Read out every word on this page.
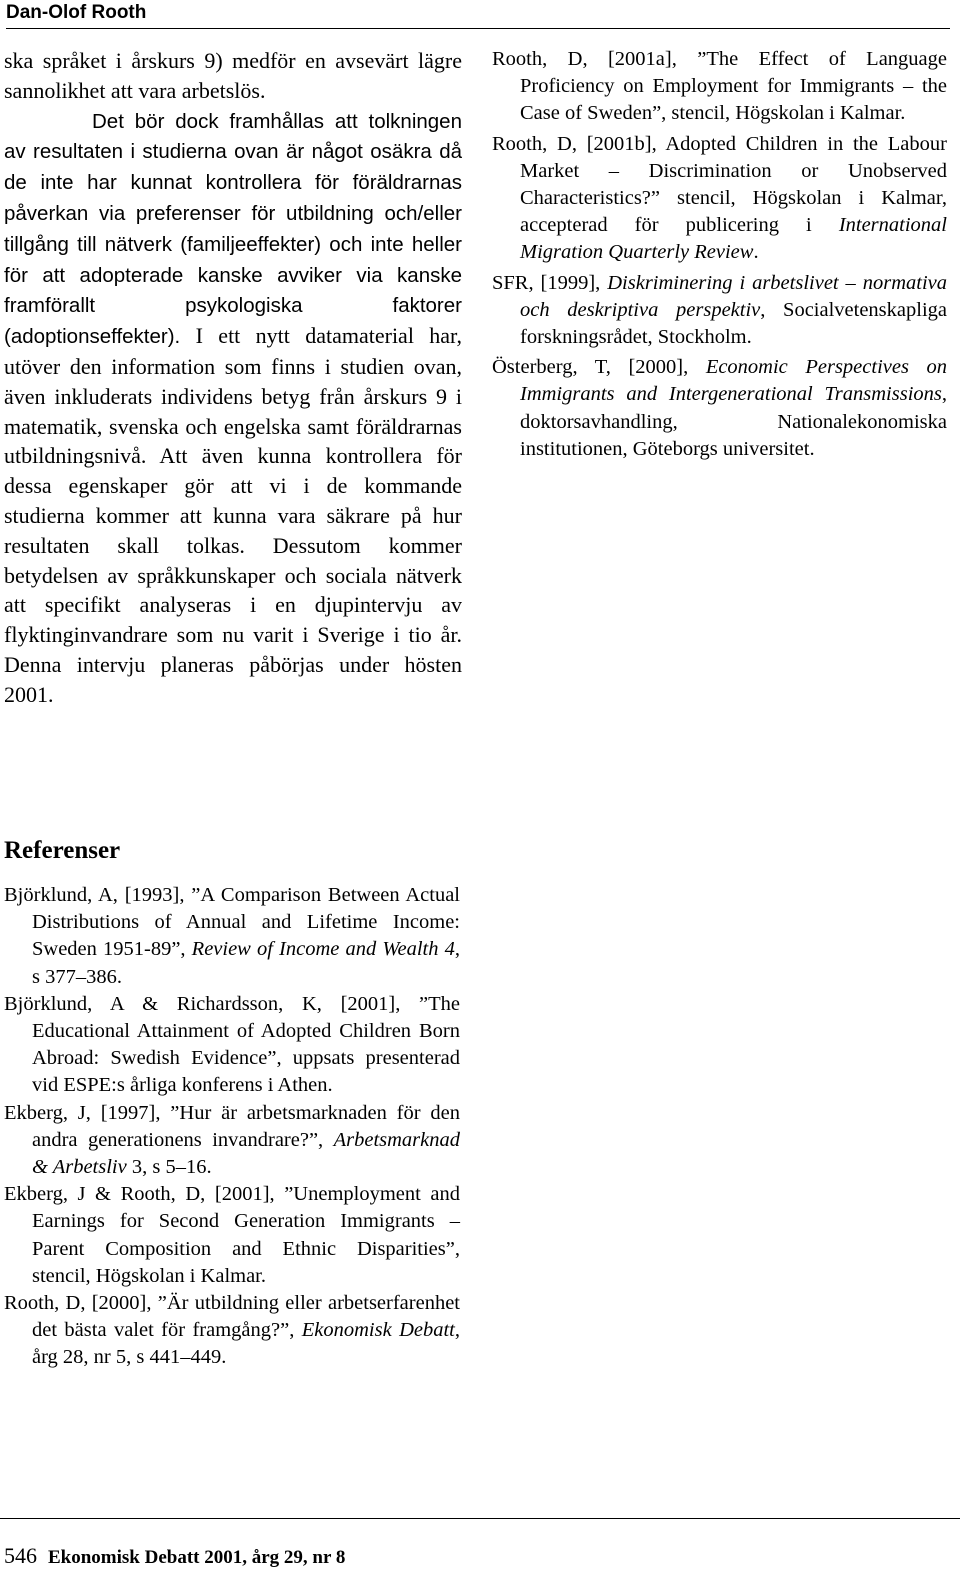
Dan-Olof Rooth

ska språket i årskurs 9) medför en avsevärt lägre sannolikhet att vara arbetslös.
Det bör dock framhållas att tolkningen av resultaten i studierna ovan är något osäkra då de inte har kunnat kontrollera för föräldrarnas påverkan via preferenser för utbildning och/eller tillgång till nätverk (familjeeffekter) och inte heller för att adopterade kanske avviker via kanske framförallt psykologiska faktorer (adoptionseffekter). I ett nytt datamaterial har, utöver den information som finns i studien ovan, även inkluderats individens betyg från årskurs 9 i matematik, svenska och engelska samt föräldrarnas utbildningsnivå. Att även kunna kontrollera för dessa egenskaper gör att vi i de kommande studierna kommer att kunna vara säkrare på hur resultaten skall tolkas. Dessutom kommer betydelsen av språkkunskaper och sociala nätverk att specifikt analyseras i en djupintervju av flyktinginvandrare som nu varit i Sverige i tio år. Denna intervju planeras påbörjas under hösten 2001.

Referenser

Björklund, A, [1993], ”A Comparison Between Actual Distributions of Annual and Lifetime Income: Sweden 1951-89”, Review of Income and Wealth 4, s 377–386.

Björklund, A & Richardsson, K, [2001], ”The Educational Attainment of Adopted Children Born Abroad: Swedish Evidence”, uppsats presenterad vid ESPE:s årliga konferens i Athen.

Ekberg, J, [1997], ”Hur är arbetsmarknaden för den andra generationens invandrare?”, Arbetsmarknad & Arbetsliv 3, s 5–16.

Ekberg, J & Rooth, D, [2001], ”Unemployment and Earnings for Second Generation Immigrants – Parent Composition and Ethnic Disparities”, stencil, Högskolan i Kalmar.

Rooth, D, [2000], ”Är utbildning eller arbetserfarenhet det bästa valet för framgång?”, Ekonomisk Debatt, årg 28, nr 5, s 441–449.

Rooth, D, [2001a], ”The Effect of Language Proficiency on Employment for Immigrants – the Case of Sweden”, stencil, Högskolan i Kalmar.

Rooth, D, [2001b], Adopted Children in the Labour Market – Discrimination or Unobserved Characteristics?” stencil, Högskolan i Kalmar, accepterad för publicering i International Migration Quarterly Review.

SFR, [1999], Diskriminering i arbetslivet – normativa och deskriptiva perspektiv, Socialvetenskapliga forskningsrådet, Stockholm.

Österberg, T, [2000], Economic Perspectives on Immigrants and Intergenerational Transmissions, doktorsavhandling, Nationalekonomiska institutionen, Göteborgs universitet.

546 Ekonomisk Debatt 2001, årg 29, nr 8
